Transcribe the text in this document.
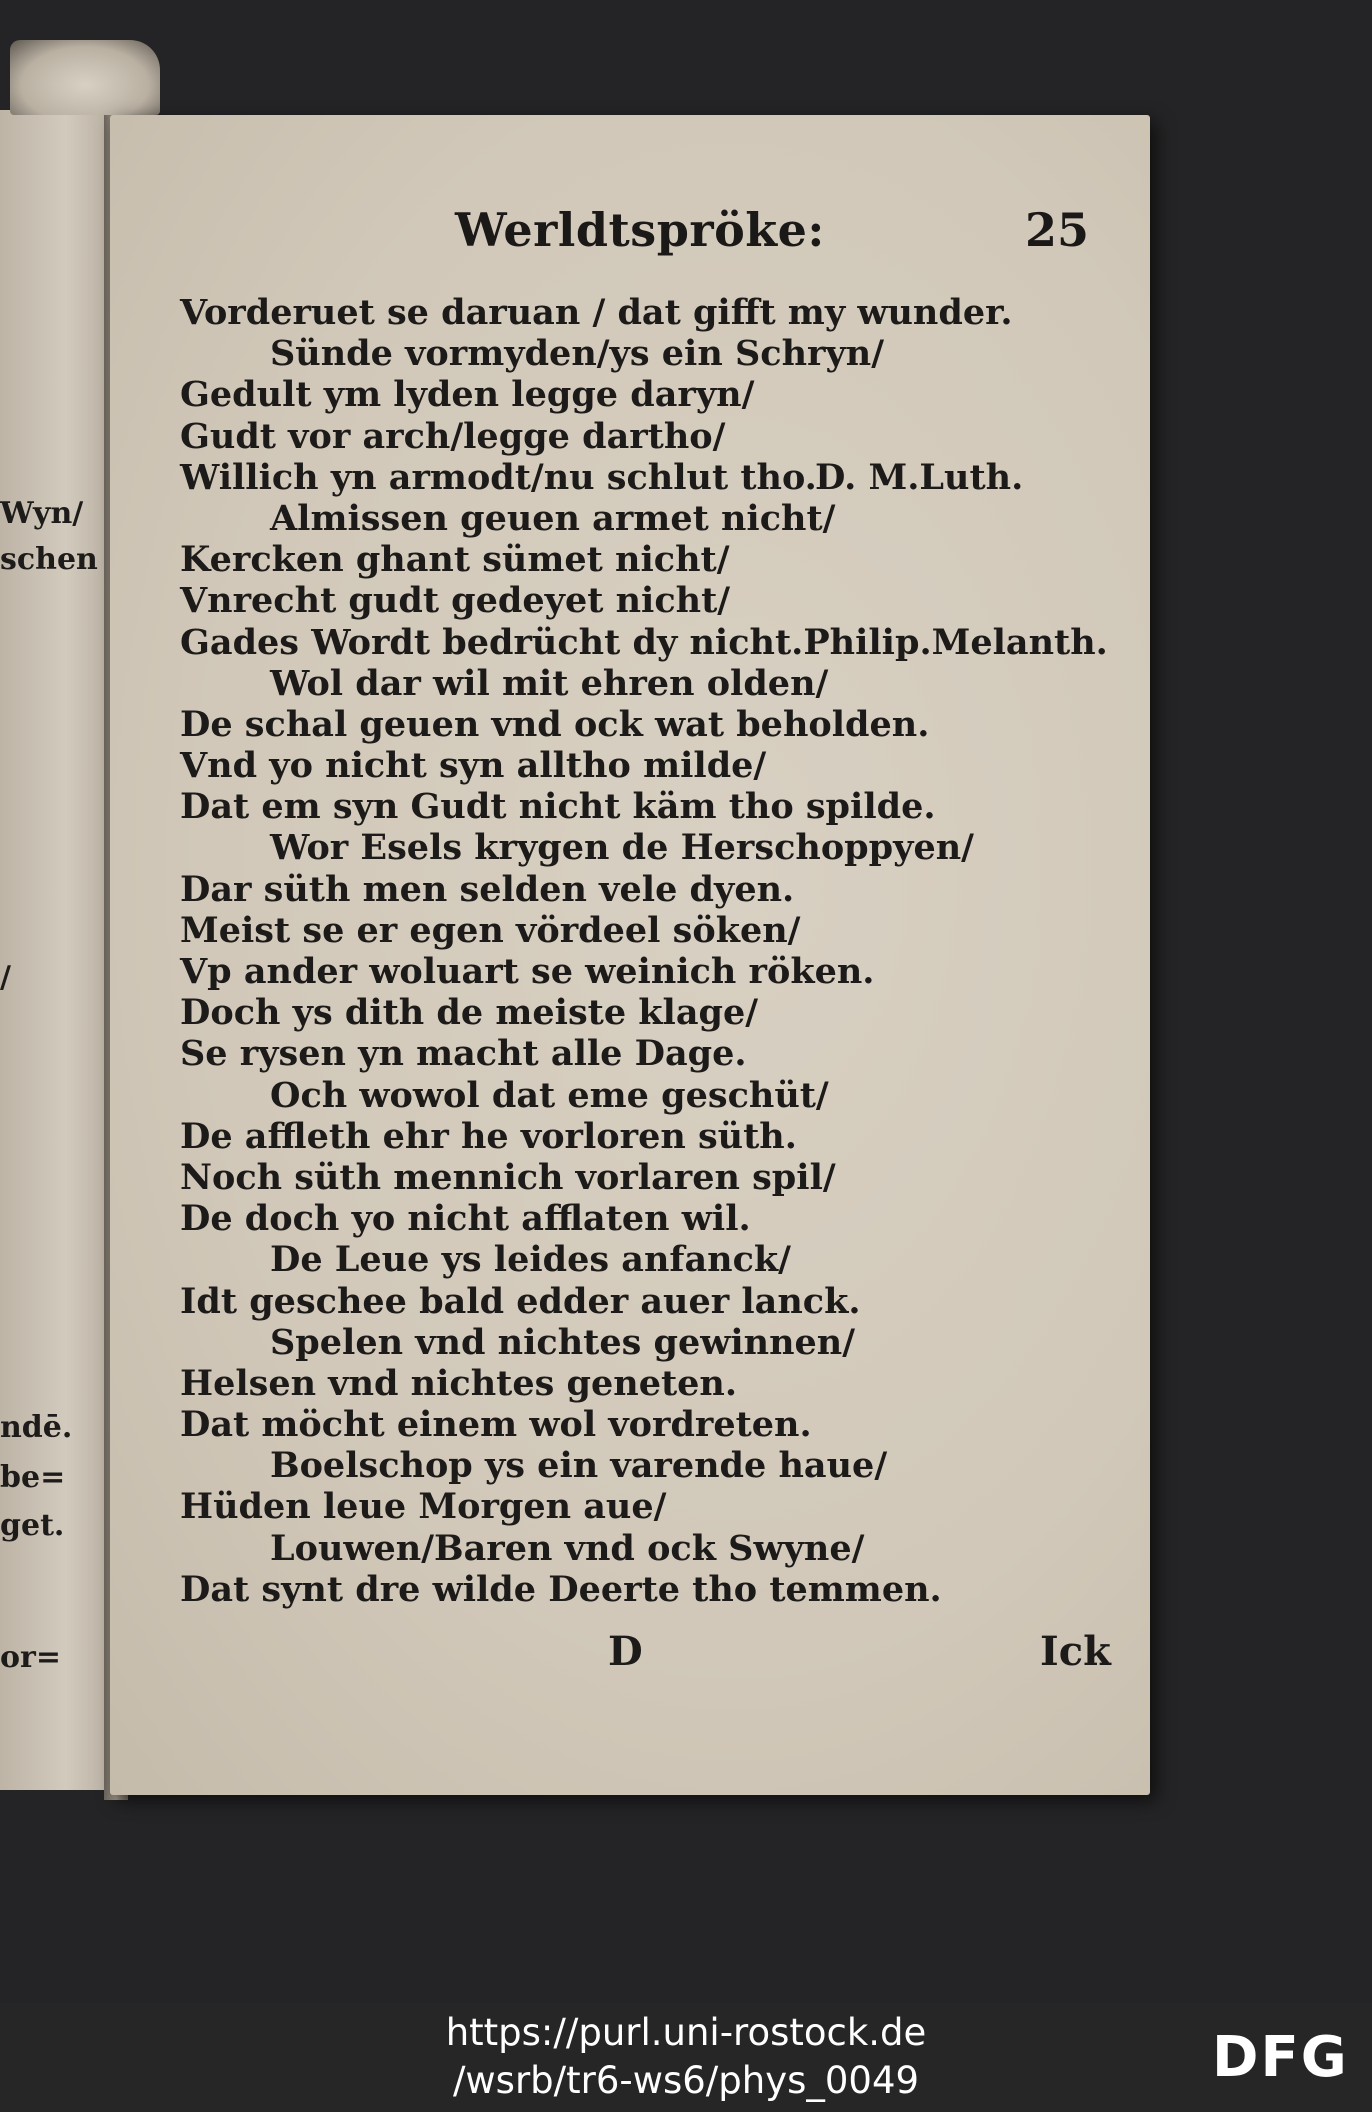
Wyn/
schen
/
ndē.
be=
get.
or=
Werldtspröke:	25
Vorderuet se daruan / dat gifft my wunder.
Sünde vormyden/ys ein Schryn/
Gedult ym lyden legge daryn/
Gudt vor arch/legge dartho/
Willich yn armodt/nu schlut tho.
D. M.Luth.
Almissen geuen armet nicht/
Kercken ghant sümet nicht/
Vnrecht gudt gedeyet nicht/
Gades Wordt bedrücht dy nicht.Philip.Melanth.
Wol dar wil mit ehren olden/
De schal geuen vnd ock wat beholden.
Vnd yo nicht syn alltho milde/
Dat em syn Gudt nicht käm tho spilde.
Wor Esels krygen de Herschoppyen/
Dar süth men selden vele dyen.
Meist se er egen vördeel söken/
Vp ander woluart se weinich röken.
Doch ys dith de meiste klage/
Se rysen yn macht alle Dage.
Och wowol dat eme geschüt/
De affleth ehr he vorloren süth.
Noch süth mennich vorlaren spil/
De doch yo nicht afflaten wil.
De Leue ys leides anfanck/
Idt geschee bald edder auer lanck.
Spelen vnd nichtes gewinnen/
Helsen vnd nichtes geneten.
Dat möcht einem wol vordreten.
Boelschop ys ein varende haue/
Hüden leue Morgen aue/
Louwen/Baren vnd ock Swyne/
Dat synt dre wilde Deerte tho temmen.
D	Ick
https://purl.uni-rostock.de
/wsrb/tr6-ws6/phys_0049	DFG
